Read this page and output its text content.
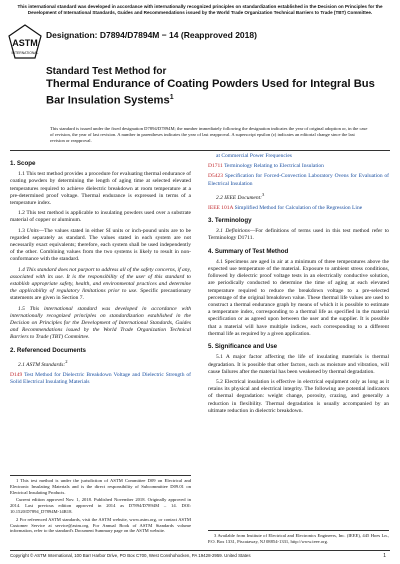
This international standard was developed in accordance with internationally recognized principles on standardization established in the Decision on Principles for the Development of International Standards, Guides and Recommendations issued by the World Trade Organization Technical Barriers to Trade (TBT) Committee.
ASTM
INTERNATIONAL
Designation: D7894/D7894M − 14 (Reapproved 2018)
Standard Test Method for
Thermal Endurance of Coating Powders Used for Integral Bus Bar Insulation Systems$^1$
This standard is issued under the fixed designation D7894/D7894M; the number immediately following the designation indicates the year of original adoption or, in the case of revision, the year of last revision. A number in parentheses indicates the year of last reapproval. A superscript epsilon (ε) indicates an editorial change since the last revision or reapproval.
1. Scope

1.1 This test method provides a procedure for evaluating thermal endurance of coating powders by determining the length of aging time at selected elevated temperatures required to achieve dielectric breakdown at room temperature at a pre-determined proof voltage. Thermal endurance is expressed in terms of a temperature index.

1.2 This test method is applicable to insulating powders used over a substrate material of copper or aluminum.

1.3 Units—The values stated in either SI units or inch-pound units are to be regarded separately as standard. The values stated in each system are not necessarily exact equivalents; therefore, each system shall be used independently of the other. Combining values from the two systems is likely to result in non-conformance with the standard.

1.4 This standard does not purport to address all of the safety concerns, if any, associated with its use. It is the responsibility of the user of this standard to establish appropriate safety, health, and environmental practices and determine the applicability of regulatory limitations prior to use. Specific precautionary statements are given in Section 7.

1.5 This international standard was developed in accordance with internationally recognized principles on standardization established in the Decision on Principles for the Development of International Standards, Guides and Recommendations issued by the World Trade Organization Technical Barriers to Trade (TBT) Committee.

2. Referenced Documents

2.1 ASTM Standards:$^2$

D149 Test Method for Dielectric Breakdown Voltage and Dielectric Strength of Solid Electrical Insulating Materials

1 This test method is under the jurisdiction of ASTM Committee D09 on Electrical and Electronic Insulating Materials and is the direct responsibility of Subcommittee D09.01 on Electrical Insulating Products.

Current edition approved Nov. 1, 2018. Published November 2018. Originally approved in 2014. Last previous edition approved in 2014 as D7894/D7894M – 14. DOI: 10.1520/D7894_D7894M-14R18.

2 For referenced ASTM standards, visit the ASTM website, www.astm.org, or contact ASTM Customer Service at service@astm.org. For Annual Book of ASTM Standards volume information, refer to the standard's Document Summary page on the ASTM website.

at Commercial Power Frequencies

D1711 Terminology Relating to Electrical Insulation

D5423 Specification for Forced-Convection Laboratory Ovens for Evaluation of Electrical Insulation

2.2 IEEE Document:$^3$

IEEE 101A Simplified Method for Calculation of the Regression Line

3. Terminology

3.1 Definitions—For definitions of terms used in this test method refer to Terminology D1711.

4. Summary of Test Method

4.1 Specimens are aged in air at a minimum of three temperatures above the expected use temperature of the material. Exposure to ambient stress conditions, followed by dielectric proof voltage tests in an electrically conductive solution, are periodically conducted to determine the time of aging at each elevated temperature required to reduce the breakdown voltage to a pre-selected percentage of the original breakdown value. These thermal life values are used to construct a thermal endurance graph by means of which it is possible to estimate a temperature index, corresponding to a thermal life as specified in the material specification or as agreed upon between the user and the supplier. It is possible that a material will have multiple indices, each corresponding to a different thermal life as required by a given application.

5. Significance and Use

5.1 A major factor affecting the life of insulating materials is thermal degradation. It is possible that other factors, such as moisture and vibration, will cause failures after the material has been weakened by thermal degradation.

5.2 Electrical insulation is effective in electrical equipment only as long as it retains its physical and electrical integrity. The following are potential indicators of thermal degradation: weight change, porosity, crazing, and generally a reduction in flexibility. Thermal degradation is usually accompanied by an ultimate reduction in dielectric breakdown.

3 Available from Institute of Electrical and Electronics Engineers, Inc. (IEEE), 445 Hoes Ln., P.O. Box 1331, Piscataway, NJ 08854-1331, http://www.ieee.org.

Copyright © ASTM International, 100 Barr Harbor Drive, PO Box C700, West Conshohocken, PA 19428-2959. United States	1
